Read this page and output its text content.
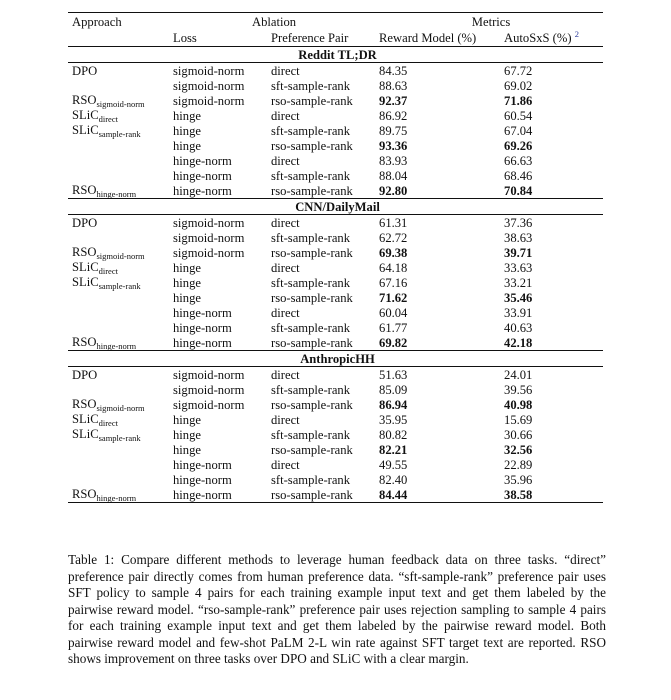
Approach	Ablation		Metrics	
	Loss	Preference Pair	Reward Model (%)	AutoSxS (%) $^2$
Reddit TL;DR				
DPO	sigmoid-norm	direct	84.35	67.72
	sigmoid-norm	sft-sample-rank	88.63	69.02
$RSO_{sigmoid-norm}$	sigmoid-norm	rso-sample-rank	92.37	71.86
SLiC$_{direct}$	hinge	direct	86.92	60.54
SLiC$_{sample-rank}$	hinge	sft-sample-rank	89.75	67.04
	hinge	rso-sample-rank	93.36	69.26
	hinge-norm	direct	83.93	66.63
	hinge-norm	sft-sample-rank	88.04	68.46
$RSO_{hinge-norm}$	hinge-norm	rso-sample-rank	92.80	70.84
CNN/DailyMail				
DPO	sigmoid-norm	direct	61.31	37.36
	sigmoid-norm	sft-sample-rank	62.72	38.63
$RSO_{sigmoid-norm}$	sigmoid-norm	rso-sample-rank	69.38	39.71
SLiC$_{direct}$	hinge	direct	64.18	33.63
SLiC$_{sample-rank}$	hinge	sft-sample-rank	67.16	33.21
	hinge	rso-sample-rank	71.62	35.46
	hinge-norm	direct	60.04	33.91
	hinge-norm	sft-sample-rank	61.77	40.63
$RSO_{hinge-norm}$	hinge-norm	rso-sample-rank	69.82	42.18
AnthropicHH				
DPO	sigmoid-norm	direct	51.63	24.01
	sigmoid-norm	sft-sample-rank	85.09	39.56
$RSO_{sigmoid-norm}$	sigmoid-norm	rso-sample-rank	86.94	40.98
SLiC$_{direct}$	hinge	direct	35.95	15.69
SLiC$_{sample-rank}$	hinge	sft-sample-rank	80.82	30.66
	hinge	rso-sample-rank	82.21	32.56
	hinge-norm	direct	49.55	22.89
	hinge-norm	sft-sample-rank	82.40	35.96
$RSO_{hinge-norm}$	hinge-norm	rso-sample-rank	84.44	38.58
Table 1: Compare different methods to leverage human feedback data on three tasks. “direct” preference pair directly comes from human preference data. “sft-sample-rank” preference pair uses SFT policy to sample 4 pairs for each training example input text and get them labeled by the pairwise reward model. “rso-sample-rank” preference pair uses rejection sampling to sample 4 pairs for each training example input text and get them labeled by the pairwise reward model. Both pairwise reward model and few-shot PaLM 2-L win rate against SFT target text are reported. RSO shows improvement on three tasks over DPO and SLiC with a clear margin.
